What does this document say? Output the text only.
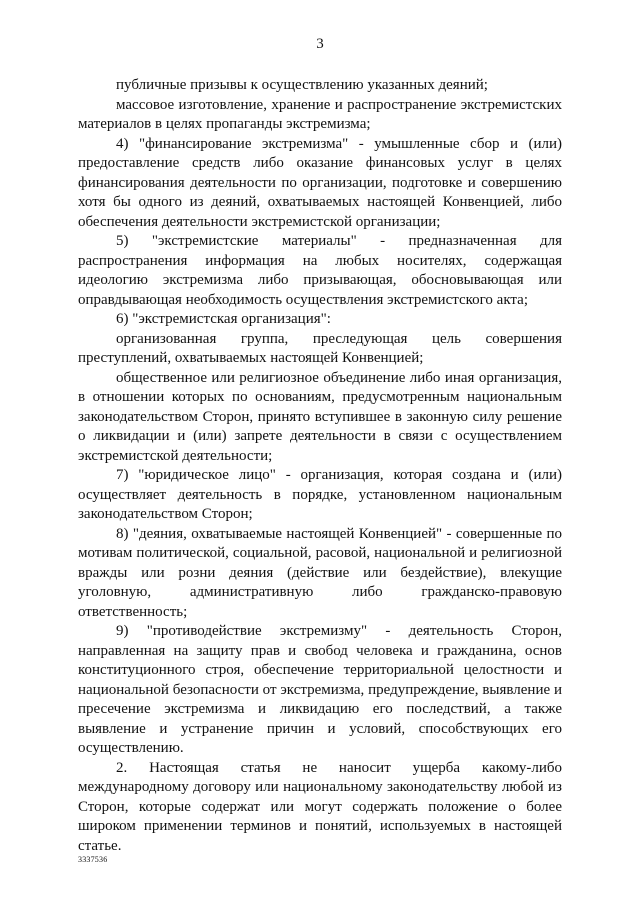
3

публичные призывы к осуществлению указанных деяний;

массовое изготовление, хранение и распространение экстремистских материалов в целях пропаганды экстремизма;

4) "финансирование экстремизма" - умышленные сбор и (или) предоставление средств либо оказание финансовых услуг в целях финансирования деятельности по организации, подготовке и совершению хотя бы одного из деяний, охватываемых настоящей Конвенцией, либо обеспечения деятельности экстремистской организации;

5) "экстремистские материалы" - предназначенная для распространения информация на любых носителях, содержащая идеологию экстремизма либо призывающая, обосновывающая или оправдывающая необходимость осуществления экстремистского акта;

6) "экстремистская организация":

организованная группа, преследующая цель совершения преступлений, охватываемых настоящей Конвенцией;

общественное или религиозное объединение либо иная организация, в отношении которых по основаниям, предусмотренным национальным законодательством Сторон, принято вступившее в законную силу решение о ликвидации и (или) запрете деятельности в связи с осуществлением экстремистской деятельности;

7) "юридическое лицо" - организация, которая создана и (или) осуществляет деятельность в порядке, установленном национальным законодательством Сторон;

8) "деяния, охватываемые настоящей Конвенцией" - совершенные по мотивам политической, социальной, расовой, национальной и религиозной вражды или розни деяния (действие или бездействие), влекущие уголовную, административную либо гражданско-правовую ответственность;

9) "противодействие экстремизму" - деятельность Сторон, направленная на защиту прав и свобод человека и гражданина, основ конституционного строя, обеспечение территориальной целостности и национальной безопасности от экстремизма, предупреждение, выявление и пресечение экстремизма и ликвидацию его последствий, а также выявление и устранение причин и условий, способствующих его осуществлению.

2. Настоящая статья не наносит ущерба какому-либо международному договору или национальному законодательству любой из Сторон, которые содержат или могут содержать положение о более широком применении терминов и понятий, используемых в настоящей статье.

3337536
